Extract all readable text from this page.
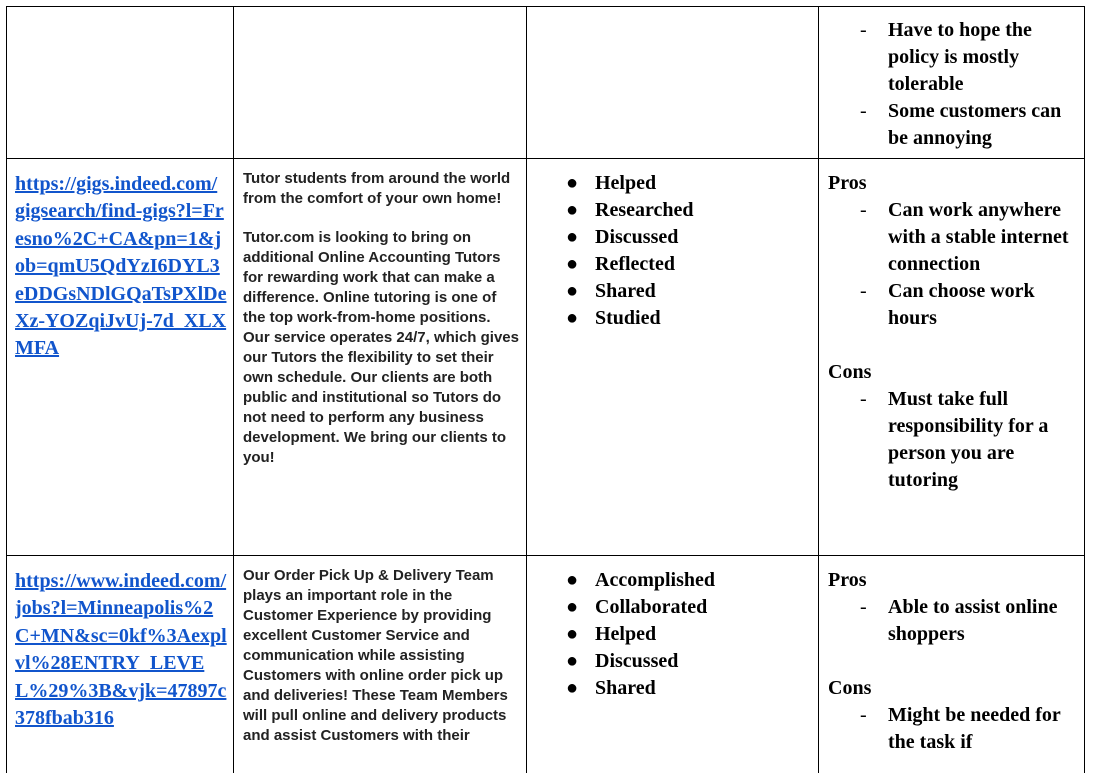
- Have to hope the policy is mostly tolerable
- Some customers can be annoying
https://gigs.indeed.com/gigsearch/find-gigs?l=Fresno%2C+CA&pn=1&job=qmU5QdYzI6DYL3eDDGsNDlGQaTsPXlDeXz-YOZqiJvUj-7d_XLXMFA

Tutor students from around the world from the comfort of your own home!

Tutor.com is looking to bring on additional Online Accounting Tutors for rewarding work that can make a difference. Online tutoring is one of the top work-from-home positions. Our service operates 24/7, which gives our Tutors the flexibility to set their own schedule. Our clients are both public and institutional so Tutors do not need to perform any business development. We bring our clients to you!

● Helped
● Researched
● Discussed
● Reflected
● Shared
● Studied

Pros

- Can work anywhere with a stable internet connection
- Can choose work hours

Cons

- Must take full responsibility for a person you are tutoring
https://www.indeed.com/jobs?l=Minneapolis%2C+MN&sc=0kf%3Aexplvl%28ENTRY_LEVEL%29%3B&vjk=47897c378fbab316

Our Order Pick Up & Delivery Team plays an important role in the Customer Experience by providing excellent Customer Service and communication while assisting Customers with online order pick up and deliveries! These Team Members will pull online and delivery products and assist Customers with their

● Accomplished
● Collaborated
● Helped
● Discussed
● Shared

Pros

- Able to assist online shoppers

Cons

- Might be needed for the task if
